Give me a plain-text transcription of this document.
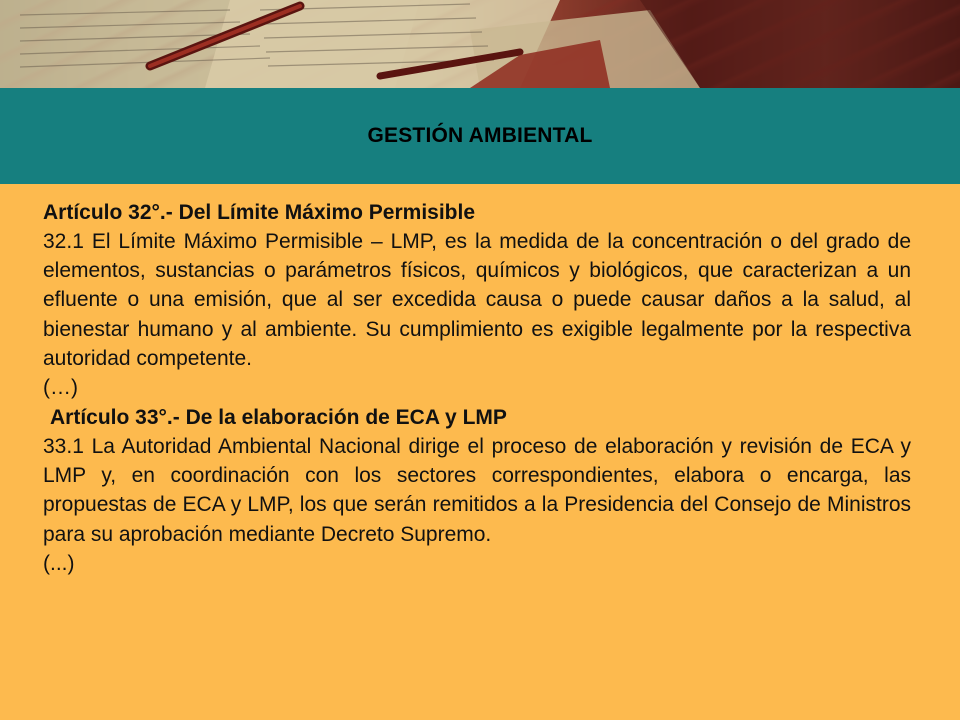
GESTIÓN AMBIENTAL

Artículo 32°.- Del Límite Máximo Permisible

32.1 El Límite Máximo Permisible – LMP, es la medida de la concentración o del grado de elementos, sustancias o parámetros físicos, químicos y biológicos, que caracterizan a un efluente o una emisión, que al ser excedida causa o puede causar daños a la salud, al bienestar humano y al ambiente. Su cumplimiento es exigible legalmente por la respectiva autoridad competente.

(…)

Artículo 33°.- De la elaboración de ECA y LMP

33.1 La Autoridad Ambiental Nacional dirige el proceso de elaboración y revisión de ECA y LMP y, en coordinación con los sectores correspondientes, elabora o encarga, las propuestas de ECA y LMP, los que serán remitidos a la Presidencia del Consejo de Ministros para su aprobación mediante Decreto Supremo.

(...)
